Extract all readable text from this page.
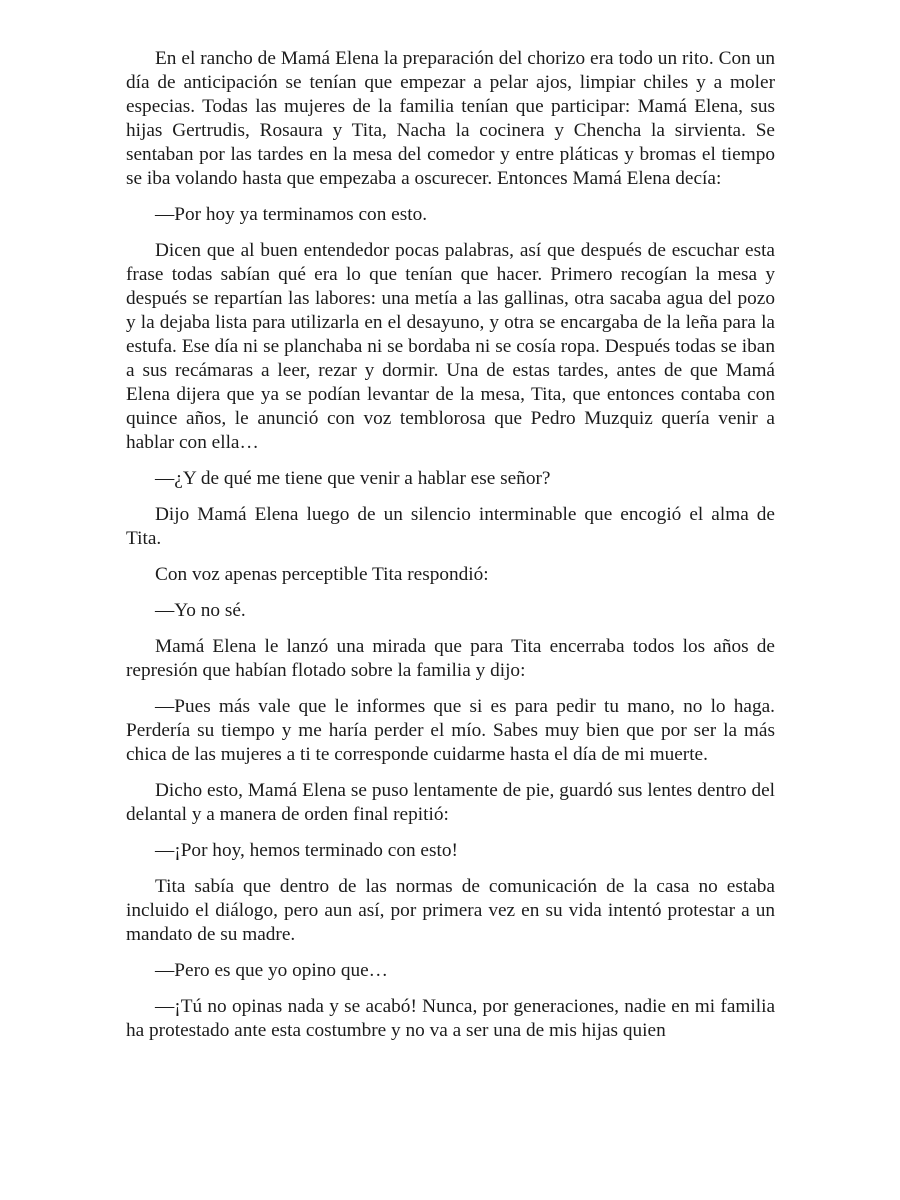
En el rancho de Mamá Elena la preparación del chorizo era todo un rito. Con un día de anticipación se tenían que empezar a pelar ajos, limpiar chiles y a moler especias. Todas las mujeres de la familia tenían que participar: Mamá Elena, sus hijas Gertrudis, Rosaura y Tita, Nacha la cocinera y Chencha la sirvienta. Se sentaban por las tardes en la mesa del comedor y entre pláticas y bromas el tiempo se iba volando hasta que empezaba a oscurecer. Entonces Mamá Elena decía:

—Por hoy ya terminamos con esto.

Dicen que al buen entendedor pocas palabras, así que después de escuchar esta frase todas sabían qué era lo que tenían que hacer. Primero recogían la mesa y después se repartían las labores: una metía a las gallinas, otra sacaba agua del pozo y la dejaba lista para utilizarla en el desayuno, y otra se encargaba de la leña para la estufa. Ese día ni se planchaba ni se bordaba ni se cosía ropa. Después todas se iban a sus recámaras a leer, rezar y dormir. Una de estas tardes, antes de que Mamá Elena dijera que ya se podían levantar de la mesa, Tita, que entonces contaba con quince años, le anunció con voz temblorosa que Pedro Muzquiz quería venir a hablar con ella…

—¿Y de qué me tiene que venir a hablar ese señor?

Dijo Mamá Elena luego de un silencio interminable que encogió el alma de Tita.

Con voz apenas perceptible Tita respondió:

—Yo no sé.

Mamá Elena le lanzó una mirada que para Tita encerraba todos los años de represión que habían flotado sobre la familia y dijo:

—Pues más vale que le informes que si es para pedir tu mano, no lo haga. Perdería su tiempo y me haría perder el mío. Sabes muy bien que por ser la más chica de las mujeres a ti te corresponde cuidarme hasta el día de mi muerte.

Dicho esto, Mamá Elena se puso lentamente de pie, guardó sus lentes dentro del delantal y a manera de orden final repitió:

—¡Por hoy, hemos terminado con esto!

Tita sabía que dentro de las normas de comunicación de la casa no estaba incluido el diálogo, pero aun así, por primera vez en su vida intentó protestar a un mandato de su madre.

—Pero es que yo opino que…

—¡Tú no opinas nada y se acabó! Nunca, por generaciones, nadie en mi familia ha protestado ante esta costumbre y no va a ser una de mis hijas quien
